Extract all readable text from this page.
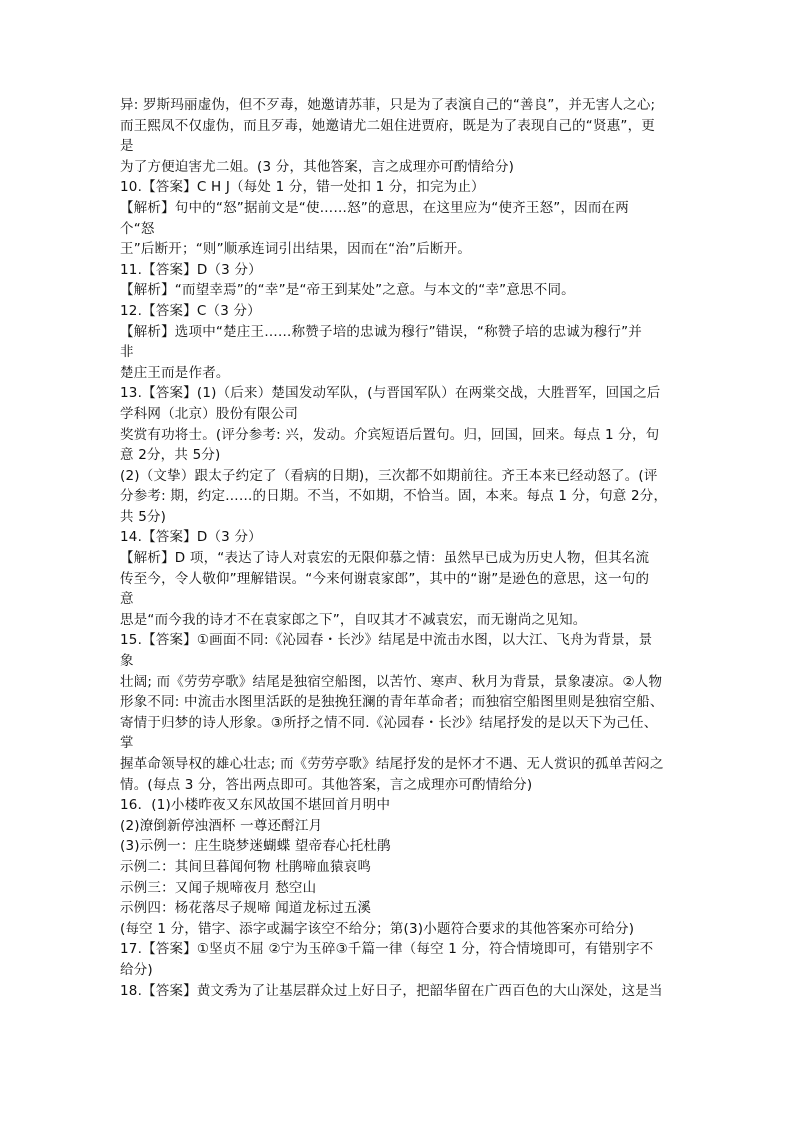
异: 罗斯玛丽虚伪，但不歹毒，她邀请苏菲，只是为了表演自己的“善良”，并无害人之心;
而王熙凤不仅虚伪，而且歹毒，她邀请尤二姐住进贾府，既是为了表现自己的“贤惠”，更
是
为了方便迫害尤二姐。(3 分，其他答案，言之成理亦可酌情给分)
10.【答案】C H J（每处 1 分，错一处扣 1 分，扣完为止）
【解析】句中的“怒”据前文是“使……怒”的意思，在这里应为“使齐王怒”，因而在两
个“怒
王”后断开；“则”顺承连词引出结果，因而在“治”后断开。
11.【答案】D（3 分）
【解析】“而望幸焉”的“幸”是“帝王到某处”之意。与本文的“幸”意思不同。
12.【答案】C（3 分）
【解析】选项中“楚庄王……称赞子培的忠诚为穆行”错误，“称赞子培的忠诚为穆行”并
非
楚庄王而是作者。
13.【答案】(1)（后来）楚国发动军队，(与晋国军队）在两棠交战，大胜晋军，回国之后
学科网（北京）股份有限公司
奖赏有功将士。(评分参考: 兴，发动。介宾短语后置句。归，回国，回来。每点 1 分，句
意 2分，共 5分)
(2)（文挚）跟太子约定了（看病的日期)，三次都不如期前往。齐王本来已经动怒了。(评
分参考: 期，约定……的日期。不当，不如期，不恰当。固，本来。每点 1 分，句意 2分，
共 5分)
14.【答案】D（3 分）
【解析】D 项，“表达了诗人对袁宏的无限仰慕之情：虽然早已成为历史人物，但其名流
传至今，令人敬仰”理解错误。“今来何谢袁家郎”，其中的“谢”是逊色的意思，这一句的
意
思是“而今我的诗才不在袁家郎之下”，自叹其才不减袁宏，而无谢尚之见知。
15.【答案】①画面不同:《沁园春・长沙》结尾是中流击水图，以大江、飞舟为背景，景
象
壮阔; 而《劳劳亭歌》结尾是独宿空船图，以苦竹、寒声、秋月为背景，景象凄凉。②人物
形象不同: 中流击水图里活跃的是独挽狂澜的青年革命者；而独宿空船图里则是独宿空船、
寄情于归梦的诗人形象。③所抒之情不同.《沁园春・长沙》结尾抒发的是以天下为己任、
掌
握革命领导权的雄心壮志; 而《劳劳亭歌》结尾抒发的是怀才不遇、无人赏识的孤单苦闷之
情。(每点 3 分，答出两点即可。其他答案，言之成理亦可酌情给分)
16．(1)小楼昨夜又东风故国不堪回首月明中
(2)潦倒新停浊酒杯 一尊还酹江月
(3)示例一：庄生晓梦迷蝴蝶 望帝春心托杜鹃
示例二：其间旦暮闻何物 杜鹃啼血猿哀鸣
示例三：又闻子规啼夜月 愁空山
示例四：杨花落尽子规啼 闻道龙标过五溪
(每空 1 分，错字、添字或漏字该空不给分；第(3)小题符合要求的其他答案亦可给分)
17.【答案】①坚贞不屈 ②宁为玉碎③千篇一律（每空 1 分，符合情境即可，有错别字不
给分)
18.【答案】黄文秀为了让基层群众过上好日子，把韶华留在广西百色的大山深处，这是当
